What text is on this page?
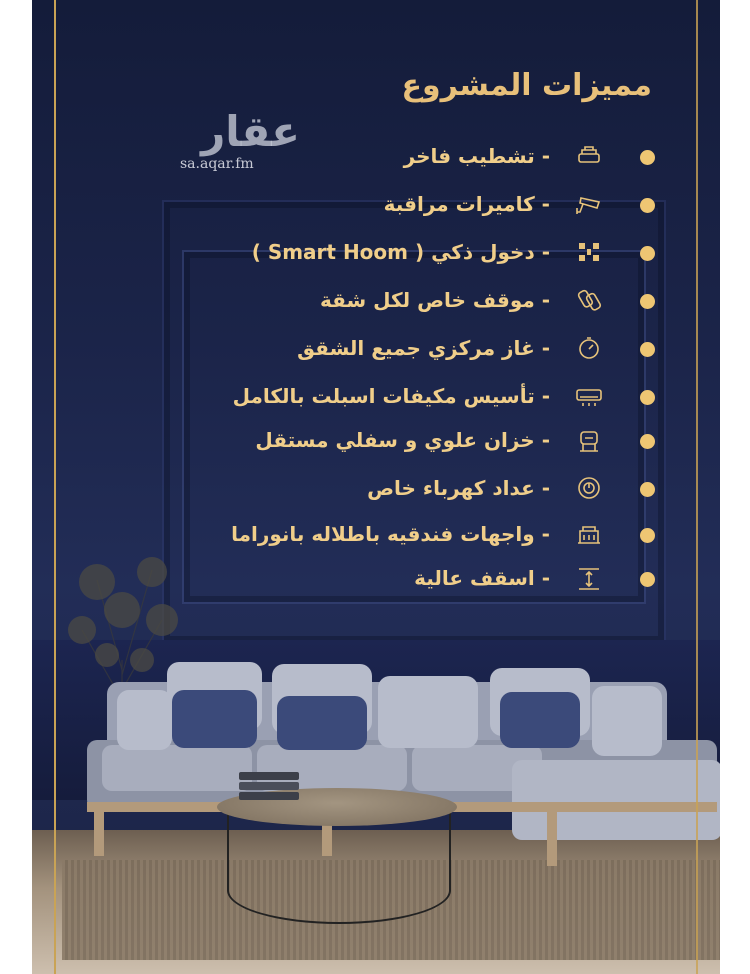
عقار
sa.aqar.fm
مميزات المشروع
- تشطيب فاخر
- كاميرات مراقبة
- دخول ذكي ( Smart Hoom )
- موقف خاص لكل شقة
- غاز مركزي جميع الشقق
- تأسيس مكيفات اسبلت بالكامل
- خزان علوي و سفلي مستقل
- عداد كهرباء خاص
- واجهات فندقيه باطلاله بانوراما
- اسقف عالية
